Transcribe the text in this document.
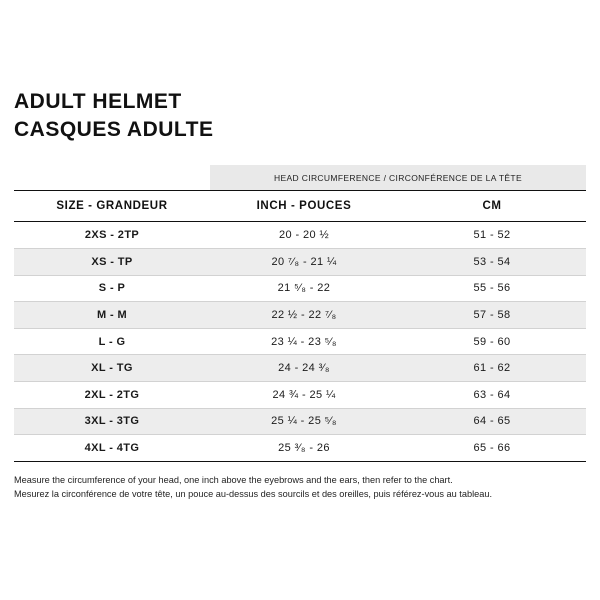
ADULT HELMET
CASQUES ADULTE
	HEAD CIRCUMFERENCE / CIRCONFÉRENCE DE LA TÊTE	
SIZE - GRANDEUR	INCH - POUCES	CM
2XS - 2TP	20 - 20 ½	51 - 52
XS - TP	20 ⁷⁄₈ - 21 ¼	53 - 54
S - P	21 ⁵⁄₈ - 22	55 - 56
M - M	22 ½ - 22 ⁷⁄₈	57 - 58
L - G	23 ¼ - 23 ⁵⁄₈	59 - 60
XL - TG	24 - 24 ³⁄₈	61 - 62
2XL - 2TG	24 ¾ - 25 ¼	63 - 64
3XL - 3TG	25 ¼ - 25 ⁵⁄₈	64 - 65
4XL - 4TG	25 ³⁄₈ - 26	65 - 66
Measure the circumference of your head, one inch above the eyebrows and the ears, then refer to the chart.
Mesurez la circonférence de votre tête, un pouce au-dessus des sourcils et des oreilles, puis référez-vous au tableau.
